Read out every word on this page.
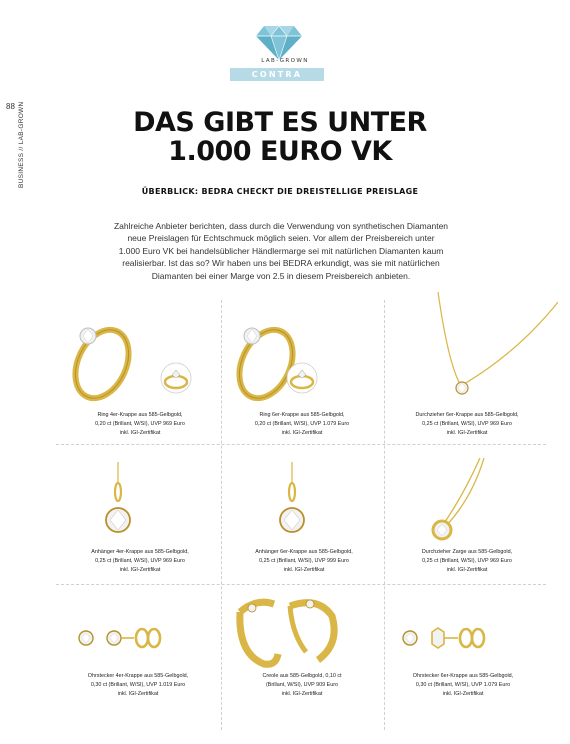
88 BUSINESS // LAB-GROWN
LAB-GROWN
CONTRA
DAS GIBT ES UNTER
1.000 EURO VK
ÜBERBLICK: BEDRA CHECKT DIE DREISTELLIGE PREISLAGE
Zahlreiche Anbieter berichten, dass durch die Verwendung von synthetischen Diamanten
neue Preislagen für Echtschmuck möglich seien. Vor allem der Preisbereich unter
1.000 Euro VK bei handelsüblicher Händlermarge sei mit natürlichen Diamanten kaum
realisierbar. Ist das so? Wir haben uns bei BEDRA erkundigt, was sie mit natürlichen
Diamanten bei einer Marge von 2.5 in diesem Preisbereich anbieten.
Ring 4er-Krappe aus 585-Gelbgold,
0,20 ct (Brillant, W/SI), UVP 969 Euro
inkl. IGI-Zertifikat
Ring 6er-Krappe aus 585-Gelbgold,
0,20 ct (Brillant, W/SI), UVP 1.079 Euro
inkl. IGI-Zertifikat
Durchzieher 6er-Krappe aus 585-Gelbgold,
0,25 ct (Brillant, W/SI), UVP 969 Euro
inkl. IGI-Zertifikat
Anhänger 4er-Krappe aus 585-Gelbgold,
0,25 ct (Brillant, W/SI), UVP 969 Euro
inkl. IGI-Zertifikat
Anhänger 6er-Krappe aus 585-Gelbgold,
0,25 ct (Brillant, W/SI), UVP 999 Euro
inkl. IGI-Zertifikat
Durchzieher Zarge aus 585-Gelbgold,
0,25 ct (Brillant, W/SI), UVP 969 Euro
inkl. IGI-Zertifikat
Ohrstecker 4er-Krappe aus 585-Gelbgold,
0,30 ct (Brillant, W/SI), UVP 1.019 Euro
inkl. IGI-Zertifikat
Creole aus 585-Gelbgold, 0,10 ct
(Brillant, W/SI), UVP 909 Euro
inkl. IGI-Zertifikat
Ohrstecker 6er-Krappe aus 585-Gelbgold,
0,30 ct (Brillant, W/SI), UVP 1.079 Euro
inkl. IGI-Zertifikat
